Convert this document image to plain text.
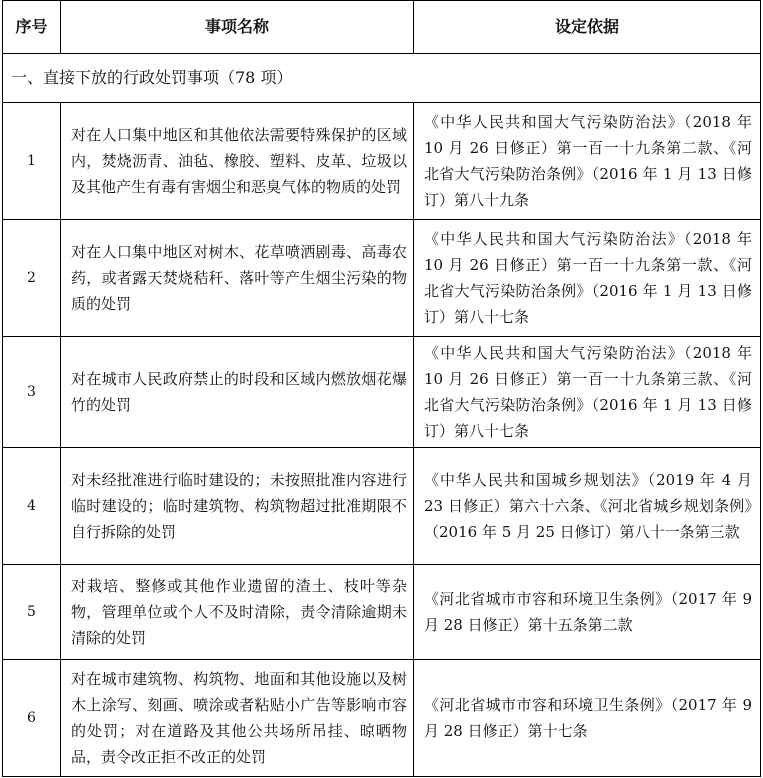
序号	事项名称	设定依据
一、直接下放的行政处罚事项（78 项）		
1	对在人口集中地区和其他依法需要特殊保护的区域内，焚烧沥青、油毡、橡胶、塑料、皮革、垃圾以及其他产生有毒有害烟尘和恶臭气体的物质的处罚	《中华人民共和国大气污染防治法》（2018 年 10 月 26 日修正）第一百一十九条第二款、《河北省大气污染防治条例》（2016 年 1 月 13 日修订）第八十九条

2	对在人口集中地区对树木、花草喷洒剧毒、高毒农药，或者露天焚烧秸秆、落叶等产生烟尘污染的物质的处罚	《中华人民共和国大气污染防治法》（2018 年 10 月 26 日修正）第一百一十九条第一款、《河北省大气污染防治条例》（2016 年 1 月 13 日修订）第八十七条

3	对在城市人民政府禁止的时段和区域内燃放烟花爆竹的处罚	《中华人民共和国大气污染防治法》（2018 年 10 月 26 日修正）第一百一十九条第三款、《河北省大气污染防治条例》（2016 年 1 月 13 日修订）第八十七条

4	对未经批准进行临时建设的；未按照批准内容进行临时建设的；临时建筑物、构筑物超过批准期限不自行拆除的处罚	《中华人民共和国城乡规划法》（2019 年 4 月 23 日修正）第六十六条、《河北省城乡规划条例》（2016 年 5 月 25 日修订）第八十一条第三款

5	对栽培、整修或其他作业遗留的渣土、枝叶等杂物，管理单位或个人不及时清除，责令清除逾期未清除的处罚	《河北省城市市容和环境卫生条例》（2017 年 9 月 28 日修正）第十五条第二款

6	对在城市建筑物、构筑物、地面和其他设施以及树木上涂写、刻画、喷涂或者粘贴小广告等影响市容的处罚；对在道路及其他公共场所吊挂、晾晒物品，责令改正拒不改正的处罚	《河北省城市市容和环境卫生条例》（2017 年 9 月 28 日修正）第十七条
